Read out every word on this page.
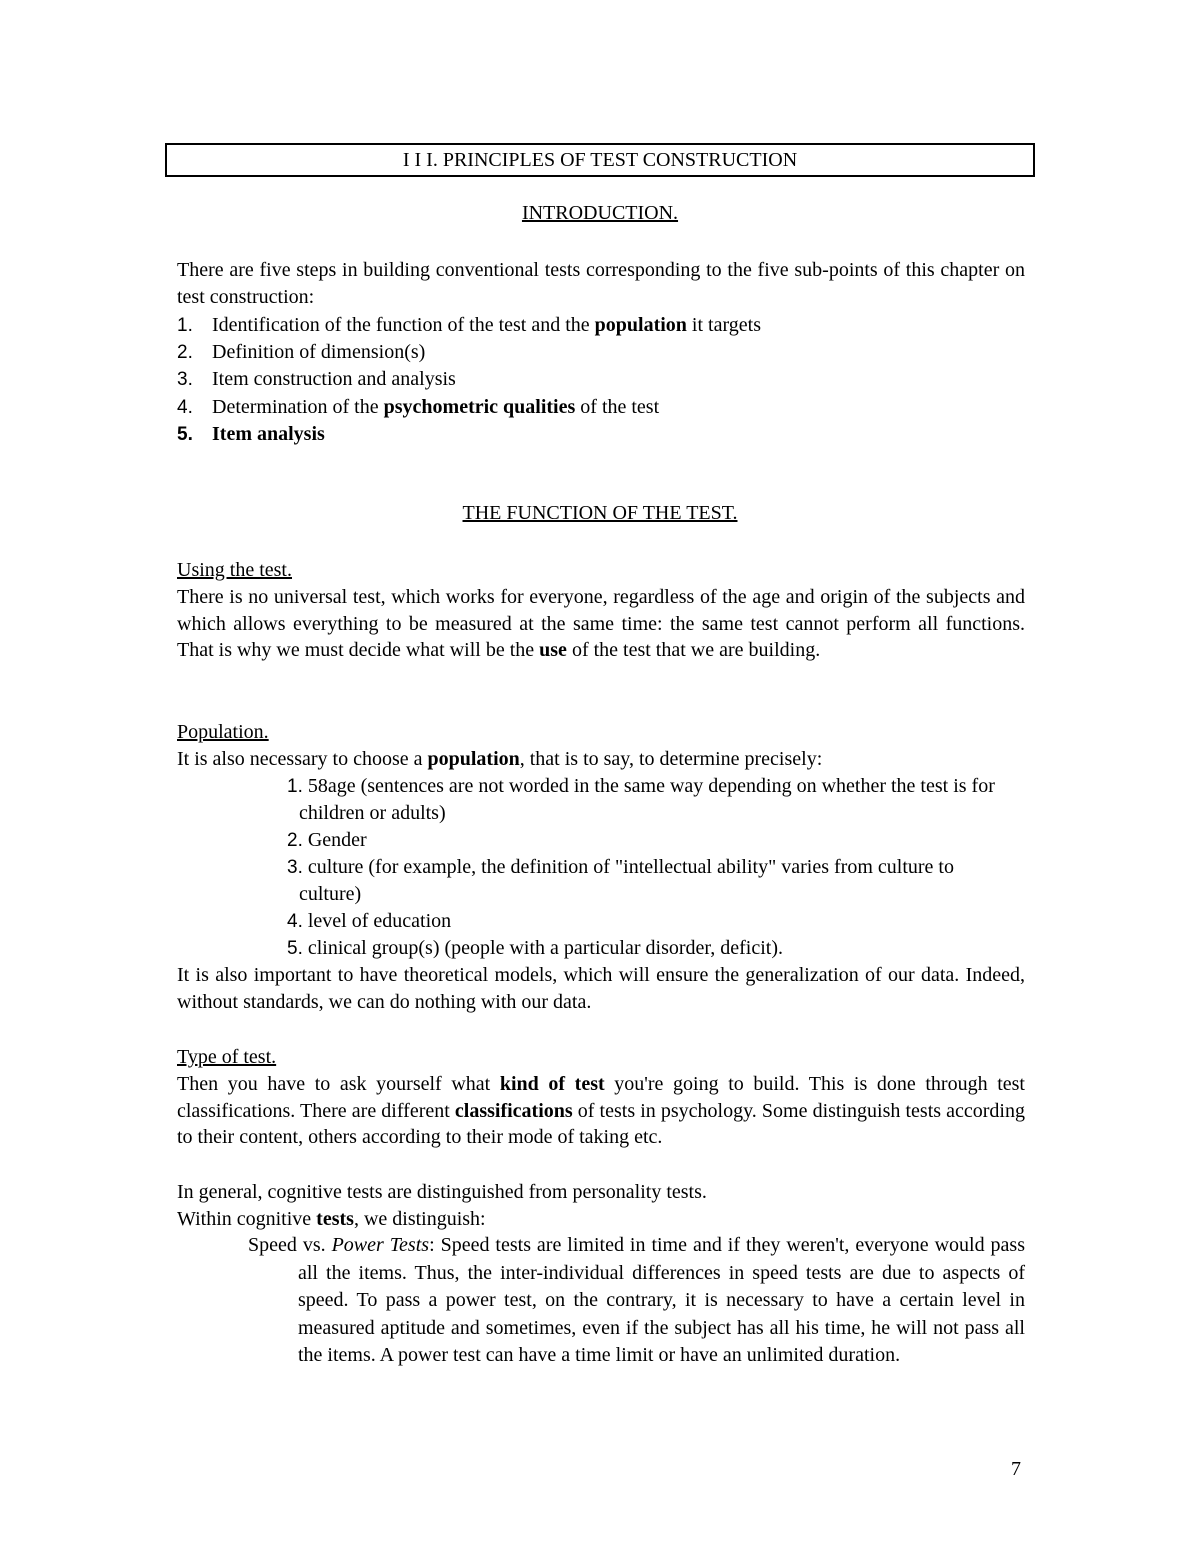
I I I. PRINCIPLES OF TEST CONSTRUCTION
INTRODUCTION.

There are five steps in building conventional tests corresponding to the five sub-points of this chapter on test construction:

1. Identification of the function of the test and the population it targets
2. Definition of dimension(s)
3. Item construction and analysis
4. Determination of the psychometric qualities of the test
5. Item analysis
THE FUNCTION OF THE TEST.
Using the test.

There is no universal test, which works for everyone, regardless of the age and origin of the subjects and which allows everything to be measured at the same time: the same test cannot perform all functions. That is why we must decide what will be the use of the test that we are building.

Population.

It is also necessary to choose a population, that is to say, to determine precisely:

1. 58age (sentences are not worded in the same way depending on whether the test is for children or adults)
2. Gender
3. culture (for example, the definition of "intellectual ability" varies from culture to culture)
4. level of education
5. clinical group(s) (people with a particular disorder, deficit).

It is also important to have theoretical models, which will ensure the generalization of our data. Indeed, without standards, we can do nothing with our data.

Type of test.

Then you have to ask yourself what kind of test you're going to build. This is done through test classifications. There are different classifications of tests in psychology. Some distinguish tests according to their content, others according to their mode of taking etc.

In general, cognitive tests are distinguished from personality tests.

Within cognitive tests, we distinguish:

Speed vs. Power Tests: Speed tests are limited in time and if they weren't, everyone would pass all the items. Thus, the inter-individual differences in speed tests are due to aspects of speed. To pass a power test, on the contrary, it is necessary to have a certain level in measured aptitude and sometimes, even if the subject has all his time, he will not pass all the items. A power test can have a time limit or have an unlimited duration.
7
